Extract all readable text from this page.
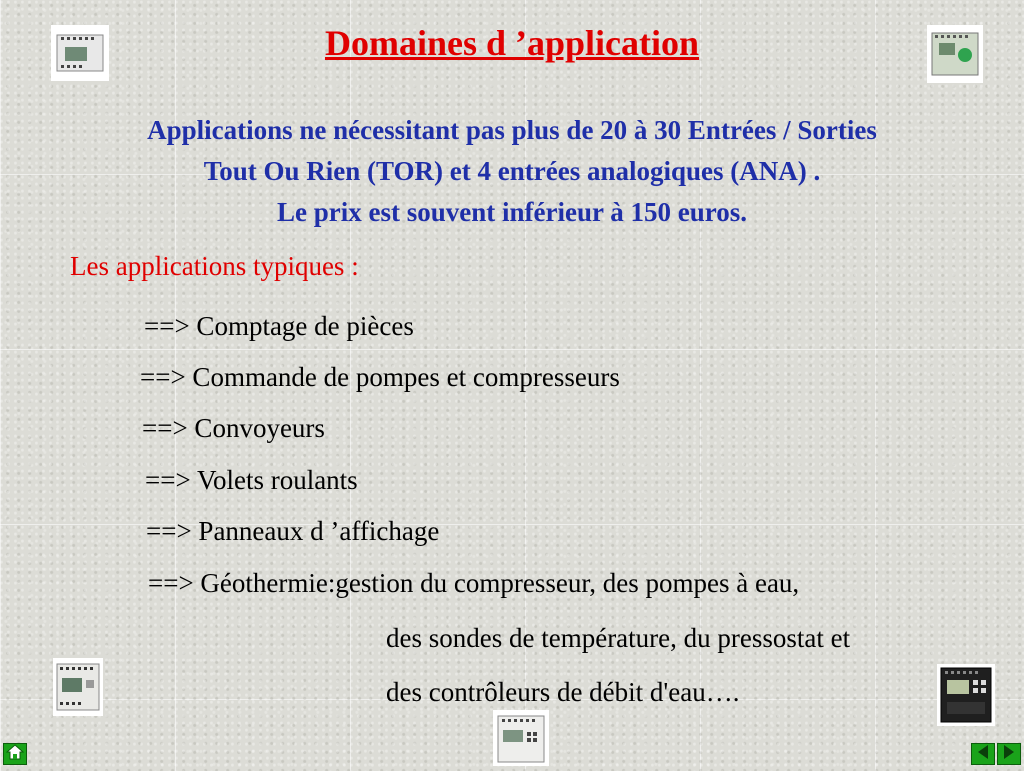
Domaines d ’application
Applications ne nécessitant pas plus de 20 à 30 Entrées / Sorties
Tout Ou Rien (TOR) et 4 entrées analogiques (ANA) .
Le prix est souvent inférieur à 150 euros.
Les applications typiques :
==> Comptage de pièces
==> Commande de pompes et compresseurs
==> Convoyeurs
==> Volets roulants
==> Panneaux d ’affichage
==> Géothermie:gestion du compresseur, des pompes à eau,
des sondes de température, du pressostat et
des contrôleurs de débit d'eau….
